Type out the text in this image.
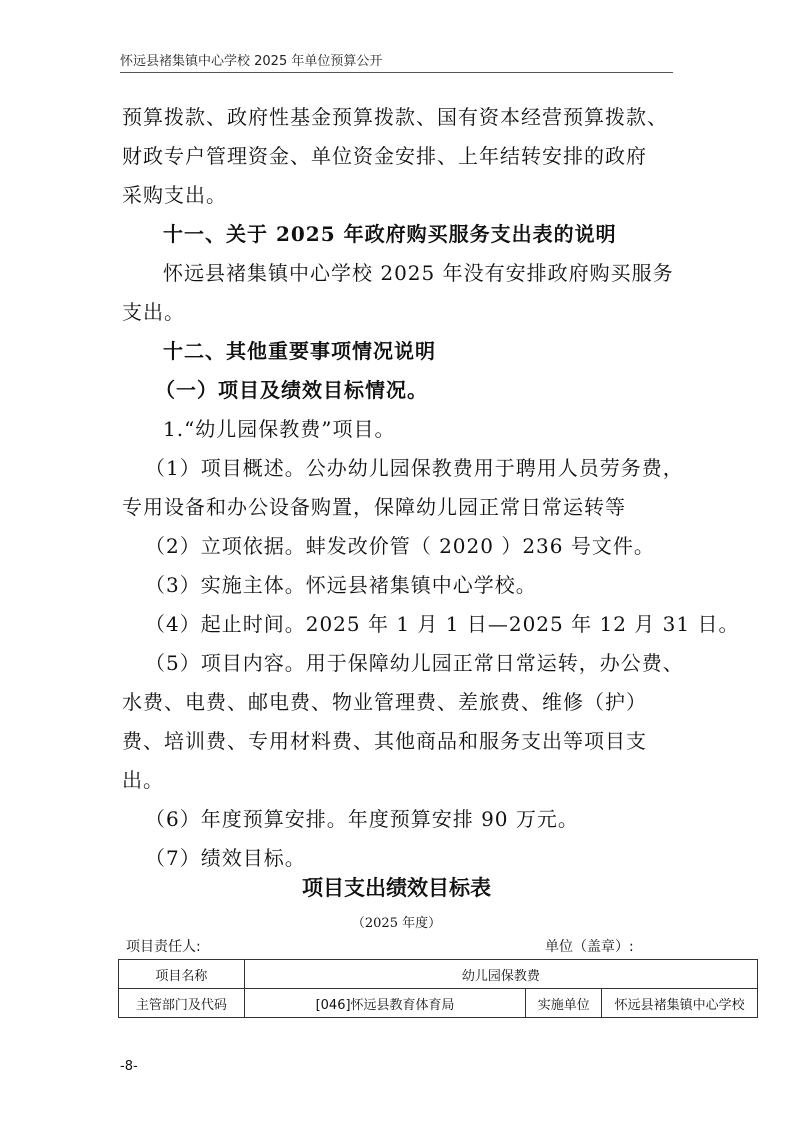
怀远县褚集镇中心学校 2025 年单位预算公开
预算拨款、政府性基金预算拨款、国有资本经营预算拨款、
财政专户管理资金、单位资金安排、上年结转安排的政府
采购支出。
十一、关于 2025 年政府购买服务支出表的说明
怀远县褚集镇中心学校 2025 年没有安排政府购买服务
支出。
十二、其他重要事项情况说明
（一）项目及绩效目标情况。
1.“幼儿园保教费”项目。
（1）项目概述。公办幼儿园保教费用于聘用人员劳务费，
专用设备和办公设备购置，保障幼儿园正常日常运转等
（2）立项依据。蚌发改价管（ 2020 ）236 号文件。
（3）实施主体。怀远县褚集镇中心学校。
（4）起止时间。2025 年 1 月 1 日—2025 年 12 月 31 日。
（5）项目内容。用于保障幼儿园正常日常运转，办公费、
水费、电费、邮电费、物业管理费、差旅费、维修（护）
费、培训费、专用材料费、其他商品和服务支出等项目支
出。
（6）年度预算安排。年度预算安排 90 万元。
（7）绩效目标。
项目支出绩效目标表
（2025 年度）
项目责任人:	单位（盖章）:
项目名称	幼儿园保教费		
主管部门及代码	[046]怀远县教育体育局	实施单位	怀远县褚集镇中心学校
-8-
